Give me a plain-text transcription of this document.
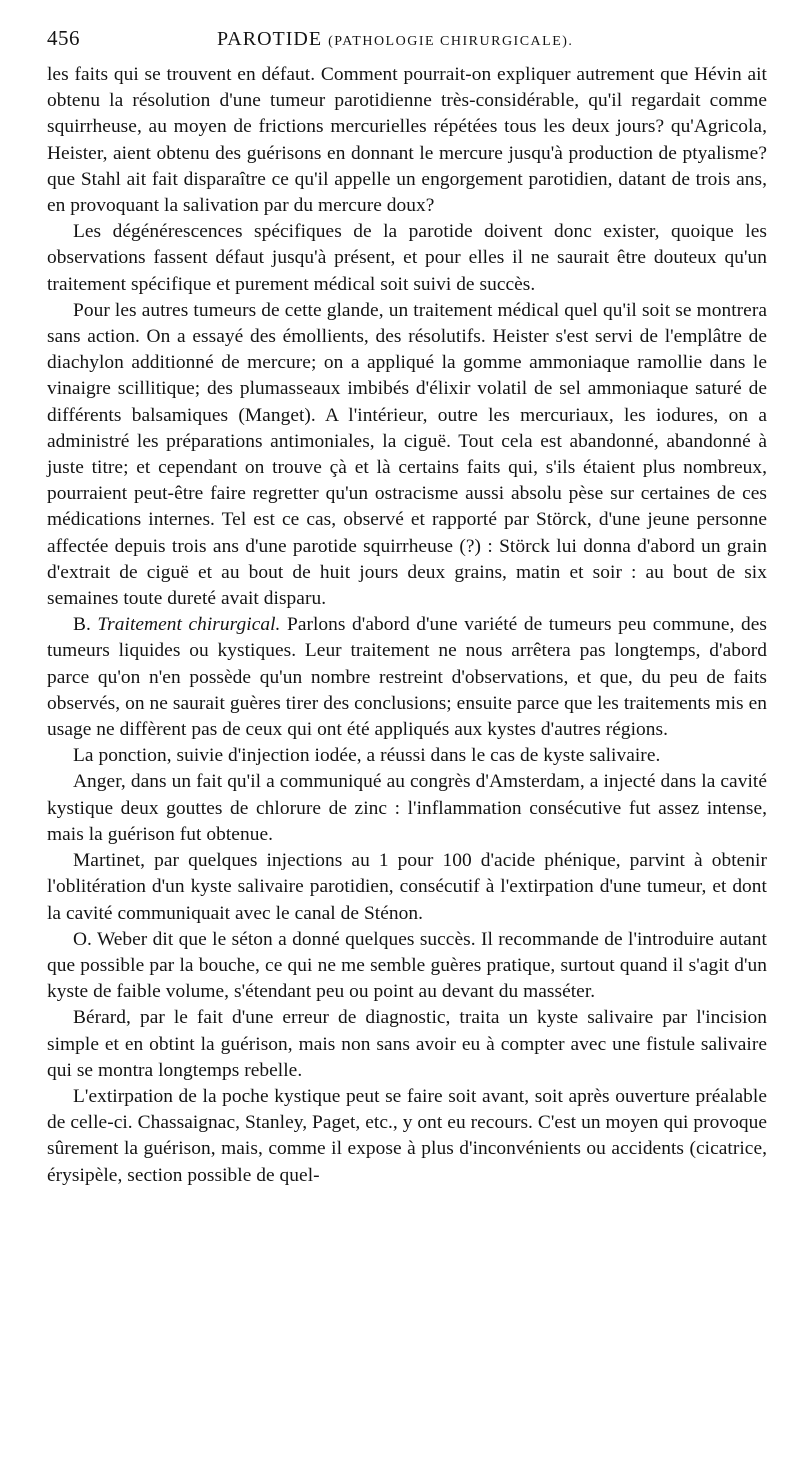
456	PAROTIDE (PATHOLOGIE CHIRURGICALE).

les faits qui se trouvent en défaut. Comment pourrait-on expliquer autrement que Hévin ait obtenu la résolution d'une tumeur parotidienne très-considérable, qu'il regardait comme squirrheuse, au moyen de frictions mercurielles répétées tous les deux jours? qu'Agricola, Heister, aient obtenu des guérisons en donnant le mercure jusqu'à production de ptyalisme? que Stahl ait fait disparaître ce qu'il appelle un engorgement parotidien, datant de trois ans, en provoquant la salivation par du mercure doux?

Les dégénérescences spécifiques de la parotide doivent donc exister, quoique les observations fassent défaut jusqu'à présent, et pour elles il ne saurait être douteux qu'un traitement spécifique et purement médical soit suivi de succès.

Pour les autres tumeurs de cette glande, un traitement médical quel qu'il soit se montrera sans action. On a essayé des émollients, des résolutifs. Heister s'est servi de l'emplâtre de diachylon additionné de mercure; on a appliqué la gomme ammoniaque ramollie dans le vinaigre scillitique; des plumasseaux imbibés d'élixir volatil de sel ammoniaque saturé de différents balsamiques (Manget). A l'intérieur, outre les mercuriaux, les iodures, on a administré les préparations antimoniales, la ciguë. Tout cela est abandonné, abandonné à juste titre; et cependant on trouve çà et là certains faits qui, s'ils étaient plus nombreux, pourraient peut-être faire regretter qu'un ostracisme aussi absolu pèse sur certaines de ces médications internes. Tel est ce cas, observé et rapporté par Störck, d'une jeune personne affectée depuis trois ans d'une parotide squirrheuse (?) : Störck lui donna d'abord un grain d'extrait de ciguë et au bout de huit jours deux grains, matin et soir : au bout de six semaines toute dureté avait disparu.

B. Traitement chirurgical. Parlons d'abord d'une variété de tumeurs peu commune, des tumeurs liquides ou kystiques. Leur traitement ne nous arrêtera pas longtemps, d'abord parce qu'on n'en possède qu'un nombre restreint d'observations, et que, du peu de faits observés, on ne saurait guères tirer des conclusions; ensuite parce que les traitements mis en usage ne diffèrent pas de ceux qui ont été appliqués aux kystes d'autres régions.

La ponction, suivie d'injection iodée, a réussi dans le cas de kyste salivaire.

Anger, dans un fait qu'il a communiqué au congrès d'Amsterdam, a injecté dans la cavité kystique deux gouttes de chlorure de zinc : l'inflammation consécutive fut assez intense, mais la guérison fut obtenue.

Martinet, par quelques injections au 1 pour 100 d'acide phénique, parvint à obtenir l'oblitération d'un kyste salivaire parotidien, consécutif à l'extirpation d'une tumeur, et dont la cavité communiquait avec le canal de Sténon.

O. Weber dit que le séton a donné quelques succès. Il recommande de l'introduire autant que possible par la bouche, ce qui ne me semble guères pratique, surtout quand il s'agit d'un kyste de faible volume, s'étendant peu ou point au devant du masséter.

Bérard, par le fait d'une erreur de diagnostic, traita un kyste salivaire par l'incision simple et en obtint la guérison, mais non sans avoir eu à compter avec une fistule salivaire qui se montra longtemps rebelle.

L'extirpation de la poche kystique peut se faire soit avant, soit après ouverture préalable de celle-ci. Chassaignac, Stanley, Paget, etc., y ont eu recours. C'est un moyen qui provoque sûrement la guérison, mais, comme il expose à plus d'inconvénients ou accidents (cicatrice, érysipèle, section possible de quel-
